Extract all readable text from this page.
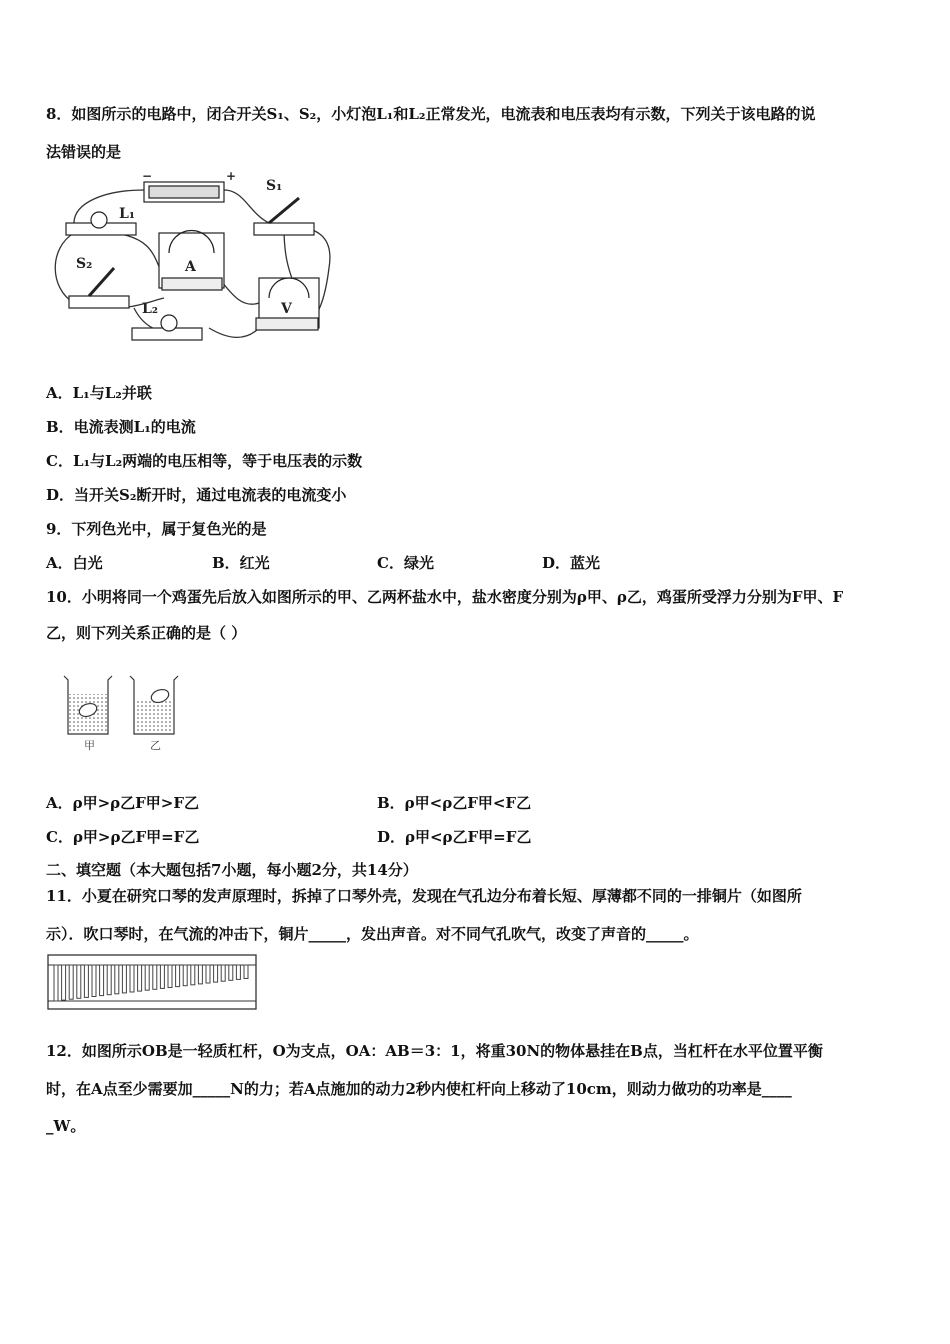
8．如图所示的电路中，闭合开关S₁、S₂，小灯泡L₁和L₂正常发光，电流表和电压表均有示数，下列关于该电路的说
法错误的是
−	+
S₁
L₁
A
S₂
L₂	V
A．L₁与L₂并联
B．电流表测L₁的电流
C．L₁与L₂两端的电压相等，等于电压表的示数
D．当开关S₂断开时，通过电流表的电流变小
9．下列色光中，属于复色光的是
A．白光	B．红光	C．绿光	D．蓝光
10．小明将同一个鸡蛋先后放入如图所示的甲、乙两杯盐水中，盐水密度分别为ρ甲、ρ乙，鸡蛋所受浮力分别为F甲、F
乙，则下列关系正确的是（ ）
甲	乙
A．ρ甲>ρ乙F甲>F乙	B．ρ甲<ρ乙F甲<F乙
C．ρ甲>ρ乙F甲=F乙	D．ρ甲<ρ乙F甲=F乙
二、填空题（本大题包括7小题，每小题2分，共14分）
11．小夏在研究口琴的发声原理时，拆掉了口琴外壳，发现在气孔边分布着长短、厚薄都不同的一排铜片（如图所
示）．吹口琴时，在气流的冲击下，铜片_____，发出声音。对不同气孔吹气，改变了声音的_____。
12．如图所示OB是一轻质杠杆，O为支点，OA：AB＝3：1，将重30N的物体悬挂在B点，当杠杆在水平位置平衡
时，在A点至少需要加_____N的力；若A点施加的动力2秒内使杠杆向上移动了10cm，则动力做功的功率是____
_W。
